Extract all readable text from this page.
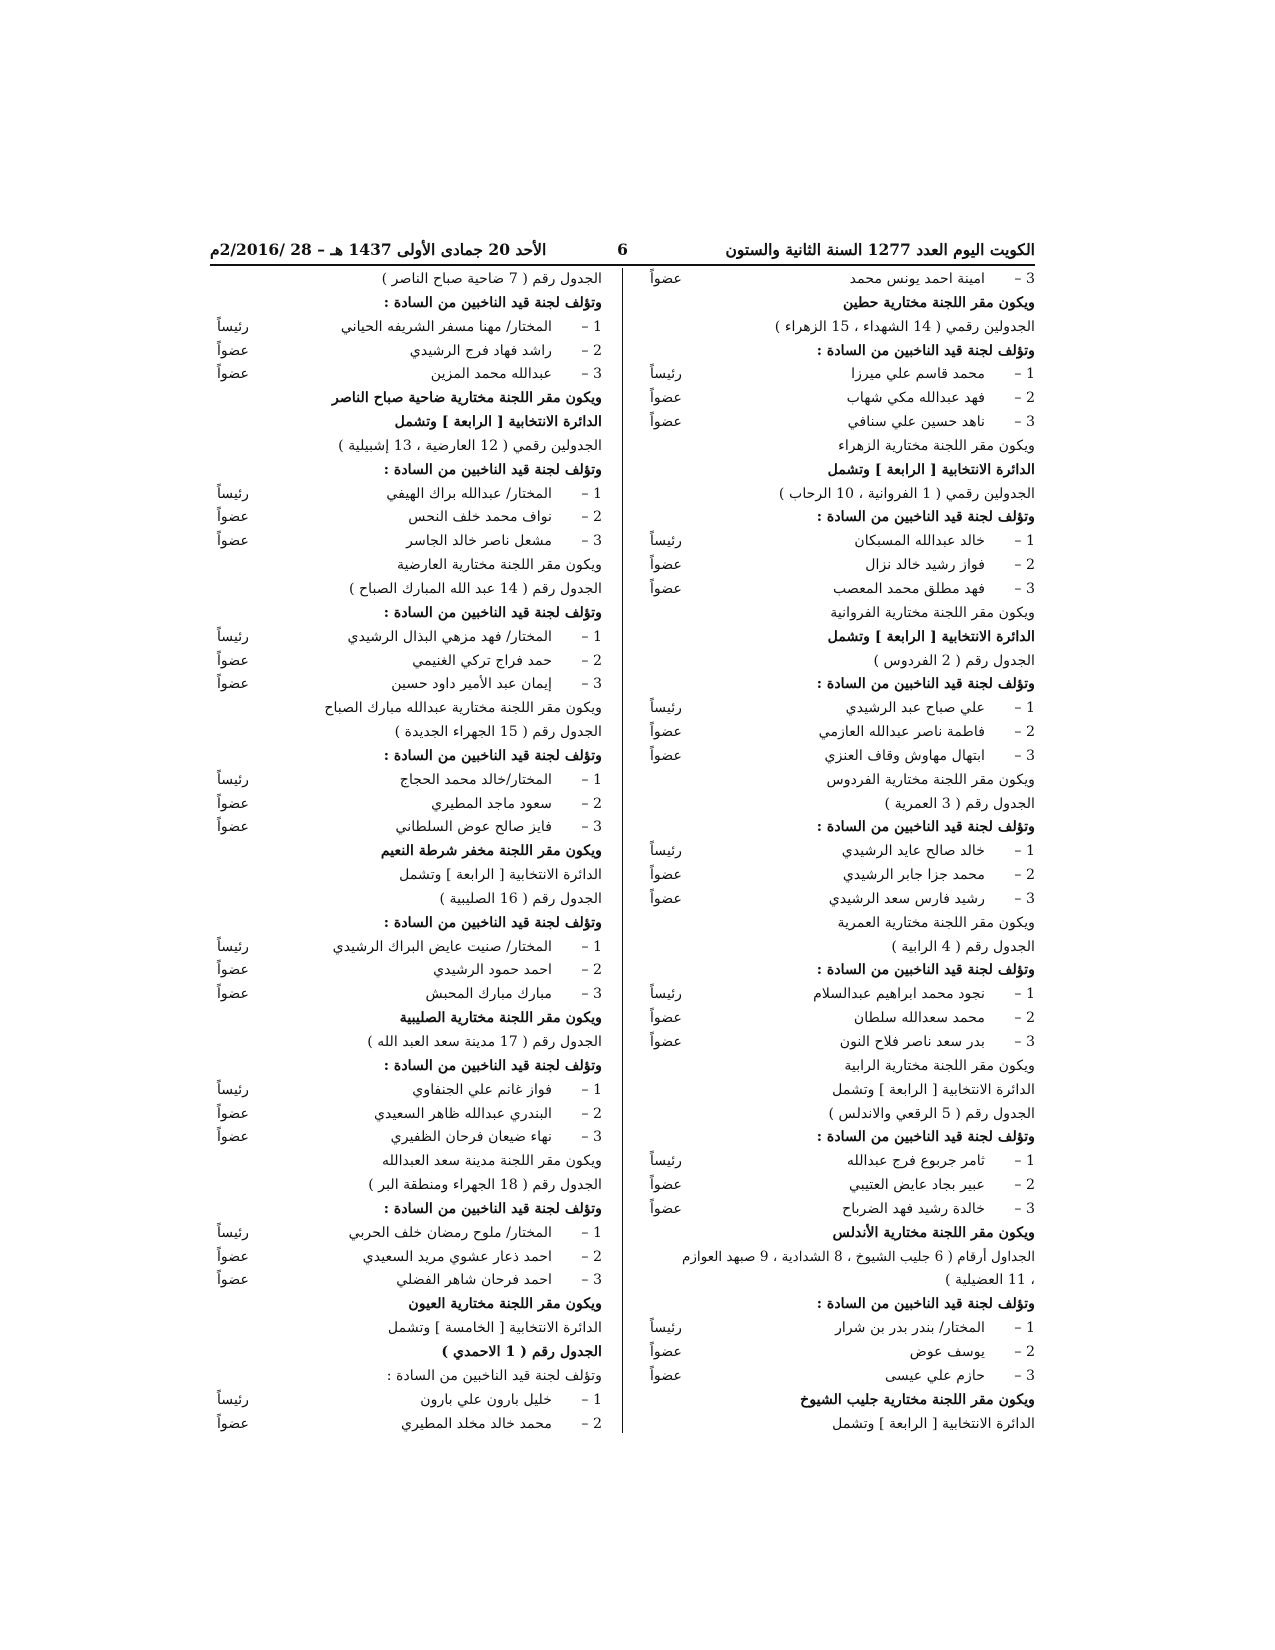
الكويت اليوم العدد 1277 السنة الثانية والستون
6
الأحد 20 جمادى الأولى 1437 هـ – 28 /2/2016م
3 –امينة احمد يونس محمد
عضواً
ويكون مقر اللجنة مختارية حطين
الجدولين رقمي ( 14 الشهداء ، 15 الزهراء )
وتؤلف لجنة قيد الناخبين من السادة :
1 –محمد قاسم علي ميرزا
رئيساً
2 –فهد عبدالله مكي شهاب
عضواً
3 –ناهد حسين علي سنافي
عضواً
ويكون مقر اللجنة مختارية الزهراء
الدائرة الانتخابية [ الرابعة ] وتشمل
الجدولين رقمي ( 1 الفروانية ، 10 الرحاب )
وتؤلف لجنة قيد الناخبين من السادة :
1 –خالد عبدالله المسبكان
رئيساً
2 –فواز رشيد خالد نزال
عضواً
3 –فهد مطلق محمد المعصب
عضواً
ويكون مقر اللجنة مختارية الفروانية
الدائرة الانتخابية [ الرابعة ] وتشمل
الجدول رقم ( 2 الفردوس )
وتؤلف لجنة قيد الناخبين من السادة :
1 –علي صباح عبد الرشيدي
رئيساً
2 –فاطمة ناصر عبدالله العازمي
عضواً
3 –ابتهال مهاوش وقاف العنزي
عضواً
ويكون مقر اللجنة مختارية الفردوس
الجدول رقم ( 3 العمرية )
وتؤلف لجنة قيد الناخبين من السادة :
1 –خالد صالح عايد الرشيدي
رئيساً
2 –محمد جزا جابر الرشيدي
عضواً
3 –رشيد فارس سعد الرشيدي
عضواً
ويكون مقر اللجنة مختارية العمرية
الجدول رقم ( 4 الرابية )
وتؤلف لجنة قيد الناخبين من السادة :
1 –نجود محمد ابراهيم عبدالسلام
رئيساً
2 –محمد سعدالله سلطان
عضواً
3 –بدر سعد ناصر فلاح النون
عضواً
ويكون مقر اللجنة مختارية الرابية
الدائرة الانتخابية [ الرابعة ] وتشمل
الجدول رقم ( 5 الرقعي والاندلس )
وتؤلف لجنة قيد الناخبين من السادة :
1 –ثامر جربوع فرج عبدالله
رئيساً
2 –عبير بجاد عايض العتيبي
عضواً
3 –خالدة رشيد فهد الضرباح
عضواً
ويكون مقر اللجنة مختارية الأندلس
الجداول أرقام ( 6 جليب الشيوخ ، 8 الشدادية ، 9 صبهد العوازم
، 11 العضيلية )
وتؤلف لجنة قيد الناخبين من السادة :
1 –المختار/ بندر بدر بن شرار
رئيساً
2 –يوسف عوض
عضواً
3 –حازم علي عيسى
عضواً
ويكون مقر اللجنة مختارية جليب الشيوخ
الدائرة الانتخابية [ الرابعة ] وتشمل
الجدول رقم ( 7 ضاحية صباح الناصر )
وتؤلف لجنة قيد الناخبين من السادة :
1 –المختار/ مهنا مسفر الشريفه الحياني
رئيساً
2 –راشد فهاد فرج الرشيدي
عضواً
3 –عبدالله محمد المزين
عضواً
ويكون مقر اللجنة مختارية ضاحية صباح الناصر
الدائرة الانتخابية [ الرابعة ] وتشمل
الجدولين رقمي ( 12 العارضية ، 13 إشبيلية )
وتؤلف لجنة قيد الناخبين من السادة :
1 –المختار/ عبدالله براك الهيفي
رئيساً
2 –نواف محمد خلف النحس
عضواً
3 –مشعل ناصر خالد الجاسر
عضواً
ويكون مقر اللجنة مختارية العارضية
الجدول رقم ( 14 عبد الله المبارك الصباح )
وتؤلف لجنة قيد الناخبين من السادة :
1 –المختار/ فهد مزهي البذال الرشيدي
رئيساً
2 –حمد فراج تركي الغنيمي
عضواً
3 –إيمان عبد الأمير داود حسين
عضواً
ويكون مقر اللجنة مختارية عبدالله مبارك الصباح
الجدول رقم ( 15 الجهراء الجديدة )
وتؤلف لجنة قيد الناخبين من السادة :
1 –المختار/خالد محمد الحجاج
رئيساً
2 –سعود ماجد المطيري
عضواً
3 –فايز صالح عوض السلطاني
عضواً
ويكون مقر اللجنة مخفر شرطة النعيم
الدائرة الانتخابية [ الرابعة ] وتشمل
الجدول رقم ( 16 الصليبية )
وتؤلف لجنة قيد الناخبين من السادة :
1 –المختار/ صنيت عايض البراك الرشيدي
رئيساً
2 –احمد حمود الرشيدي
عضواً
3 –مبارك مبارك المحبش
عضواً
ويكون مقر اللجنة مختارية الصليبية
الجدول رقم ( 17 مدينة سعد العبد الله )
وتؤلف لجنة قيد الناخبين من السادة :
1 –فواز غانم علي الجنفاوي
رئيساً
2 –البندري عبدالله ظاهر السعيدي
عضواً
3 –نهاء ضيعان فرحان الظفيري
عضواً
ويكون مقر اللجنة مدينة سعد العبدالله
الجدول رقم ( 18 الجهراء ومنطقة البر )
وتؤلف لجنة قيد الناخبين من السادة :
1 –المختار/ ملوح رمضان خلف الحربي
رئيساً
2 –احمد ذعار عشوي مريد السعيدي
عضواً
3 –احمد فرحان شاهر الفضلي
عضواً
ويكون مقر اللجنة مختارية العيون
الدائرة الانتخابية [ الخامسة ] وتشمل
الجدول رقم ( 1 الاحمدي )
وتؤلف لجنة قيد الناخبين من السادة :
1 –خليل بارون علي بارون
رئيساً
2 –محمد خالد مخلد المطيري
عضواً
